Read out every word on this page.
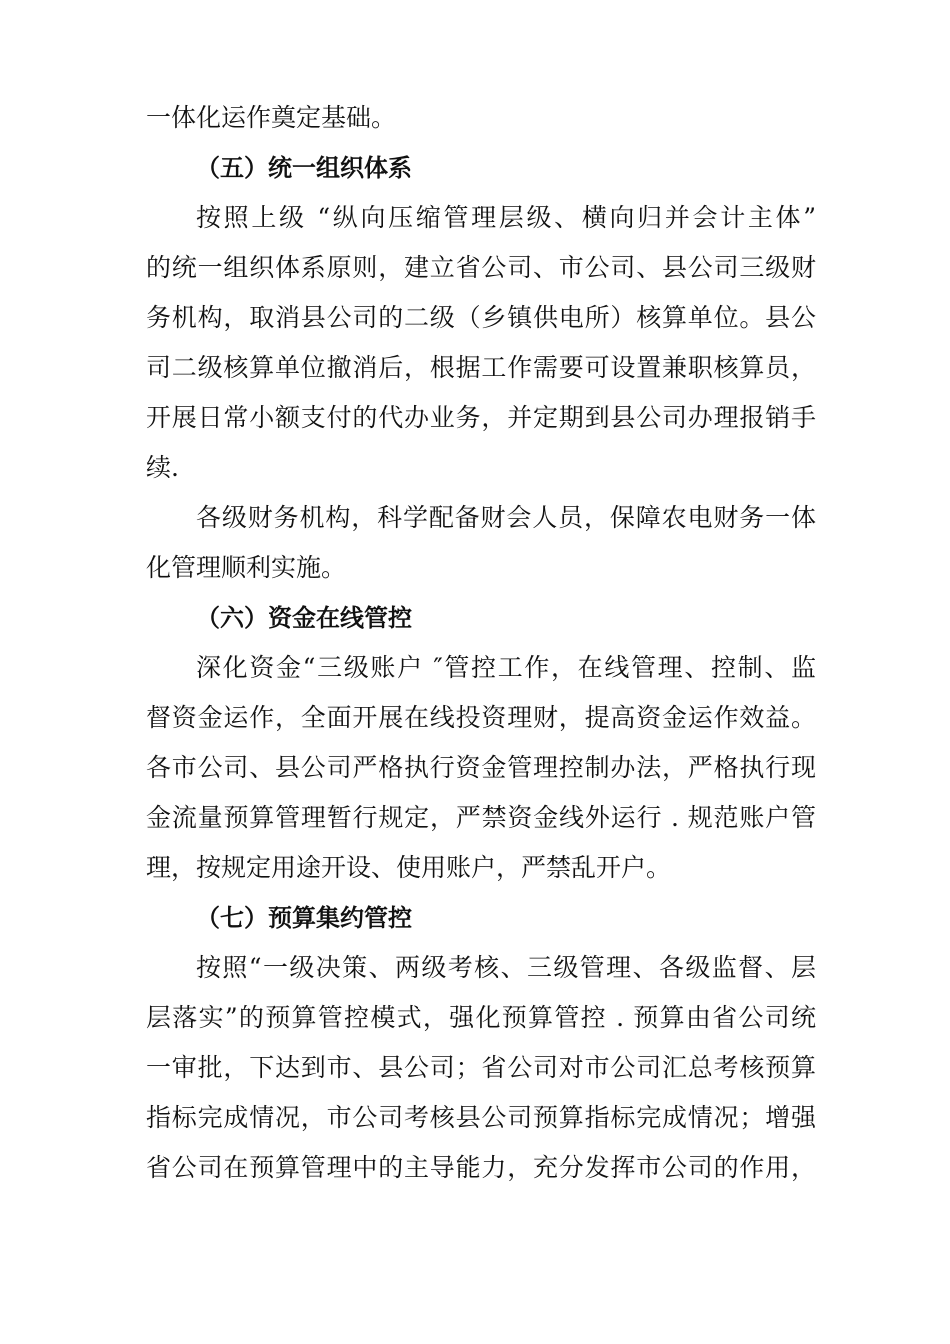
一体化运作奠定基础。
（五）统一组织体系
按照上级 “纵向压缩管理层级、横向归并会计主体”
的统一组织体系原则，建立省公司、市公司、县公司三级财
务机构，取消县公司的二级（乡镇供电所）核算单位。县公
司二级核算单位撤消后，根据工作需要可设置兼职核算员，
开展日常小额支付的代办业务，并定期到县公司办理报销手
续.
各级财务机构，科学配备财会人员，保障农电财务一体
化管理顺利实施。
（六）资金在线管控
深化资金“三级账户 ″管控工作，在线管理、控制、监
督资金运作，全面开展在线投资理财，提高资金运作效益。
各市公司、县公司严格执行资金管理控制办法，严格执行现
金流量预算管理暂行规定，严禁资金线外运行 . 规范账户管
理，按规定用途开设、使用账户，严禁乱开户。
（七）预算集约管控
按照“一级决策、两级考核、三级管理、各级监督、层
层落实”的预算管控模式，强化预算管控 . 预算由省公司统
一审批，下达到市、县公司；省公司对市公司汇总考核预算
指标完成情况，市公司考核县公司预算指标完成情况；增强
省公司在预算管理中的主导能力，充分发挥市公司的作用，
